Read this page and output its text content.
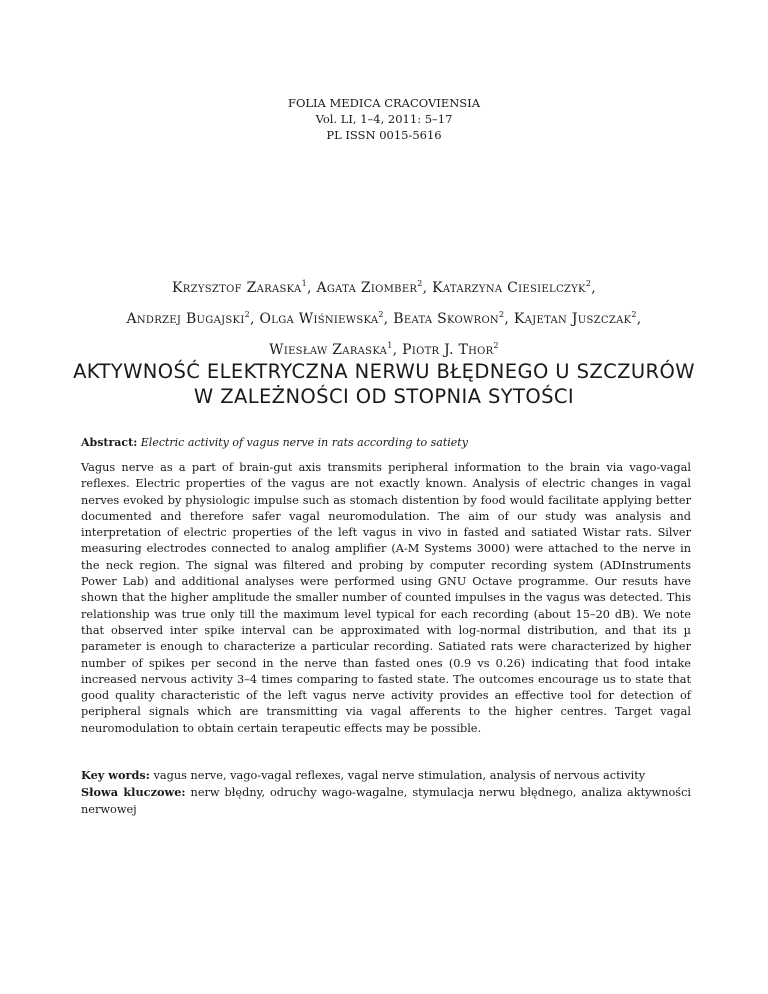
FOLIA MEDICA CRACOVIENSIA
Vol. LI, 1–4, 2011: 5–17
PL ISSN 0015-5616
Krzysztof Zaraska$^1$, Agata Ziomber$^2$, Katarzyna Ciesielczyk$^2$,
Andrzej Bugajski$^2$, Olga Wiśniewska$^2$, Beata Skowron$^2$, Kajetan Juszczak$^2$,
Wiesław Zaraska$^1$, Piotr J. Thor$^2$
AKTYWNOŚĆ ELEKTRYCZNA NERWU BŁĘDNEGO U SZCZURÓW
W ZALEŻNOŚCI OD STOPNIA SYTOŚCI
Abstract: Electric activity of vagus nerve in rats according to satiety

Vagus nerve as a part of brain-gut axis transmits peripheral information to the brain via vago-vagal reflexes. Electric properties of the vagus are not exactly known. Analysis of electric changes in vagal nerves evoked by physiologic impulse such as stomach distention by food would facilitate applying better documented and therefore safer vagal neuromodulation. The aim of our study was analysis and interpretation of electric properties of the left vagus in vivo in fasted and satiated Wistar rats. Silver measuring electrodes connected to analog amplifier (A-M Systems 3000) were attached to the nerve in the neck region. The signal was filtered and probing by computer recording system (ADInstruments Power Lab) and additional analyses were performed using GNU Octave programme. Our resuts have shown that the higher amplitude the smaller number of counted impulses in the vagus was detected. This relationship was true only till the maximum level typical for each recording (about 15–20 dB). We note that observed inter spike interval can be approximated with log-normal distribution, and that its µ parameter is enough to characterize a particular recording. Satiated rats were characterized by higher number of spikes per second in the nerve than fasted ones (0.9 vs 0.26) indicating that food intake increased nervous activity 3–4 times comparing to fasted state. The outcomes encourage us to state that good quality characteristic of the left vagus nerve activity provides an effective tool for detection of peripheral signals which are transmitting via vagal afferents to the higher centres. Target vagal neuromodulation to obtain certain terapeutic effects may be possible.

Key words: vagus nerve, vago-vagal reflexes, vagal nerve stimulation, analysis of nervous activity

Słowa kluczowe: nerw błędny, odruchy wago-wagalne, stymulacja nerwu błędnego, analiza aktywności nerwowej
